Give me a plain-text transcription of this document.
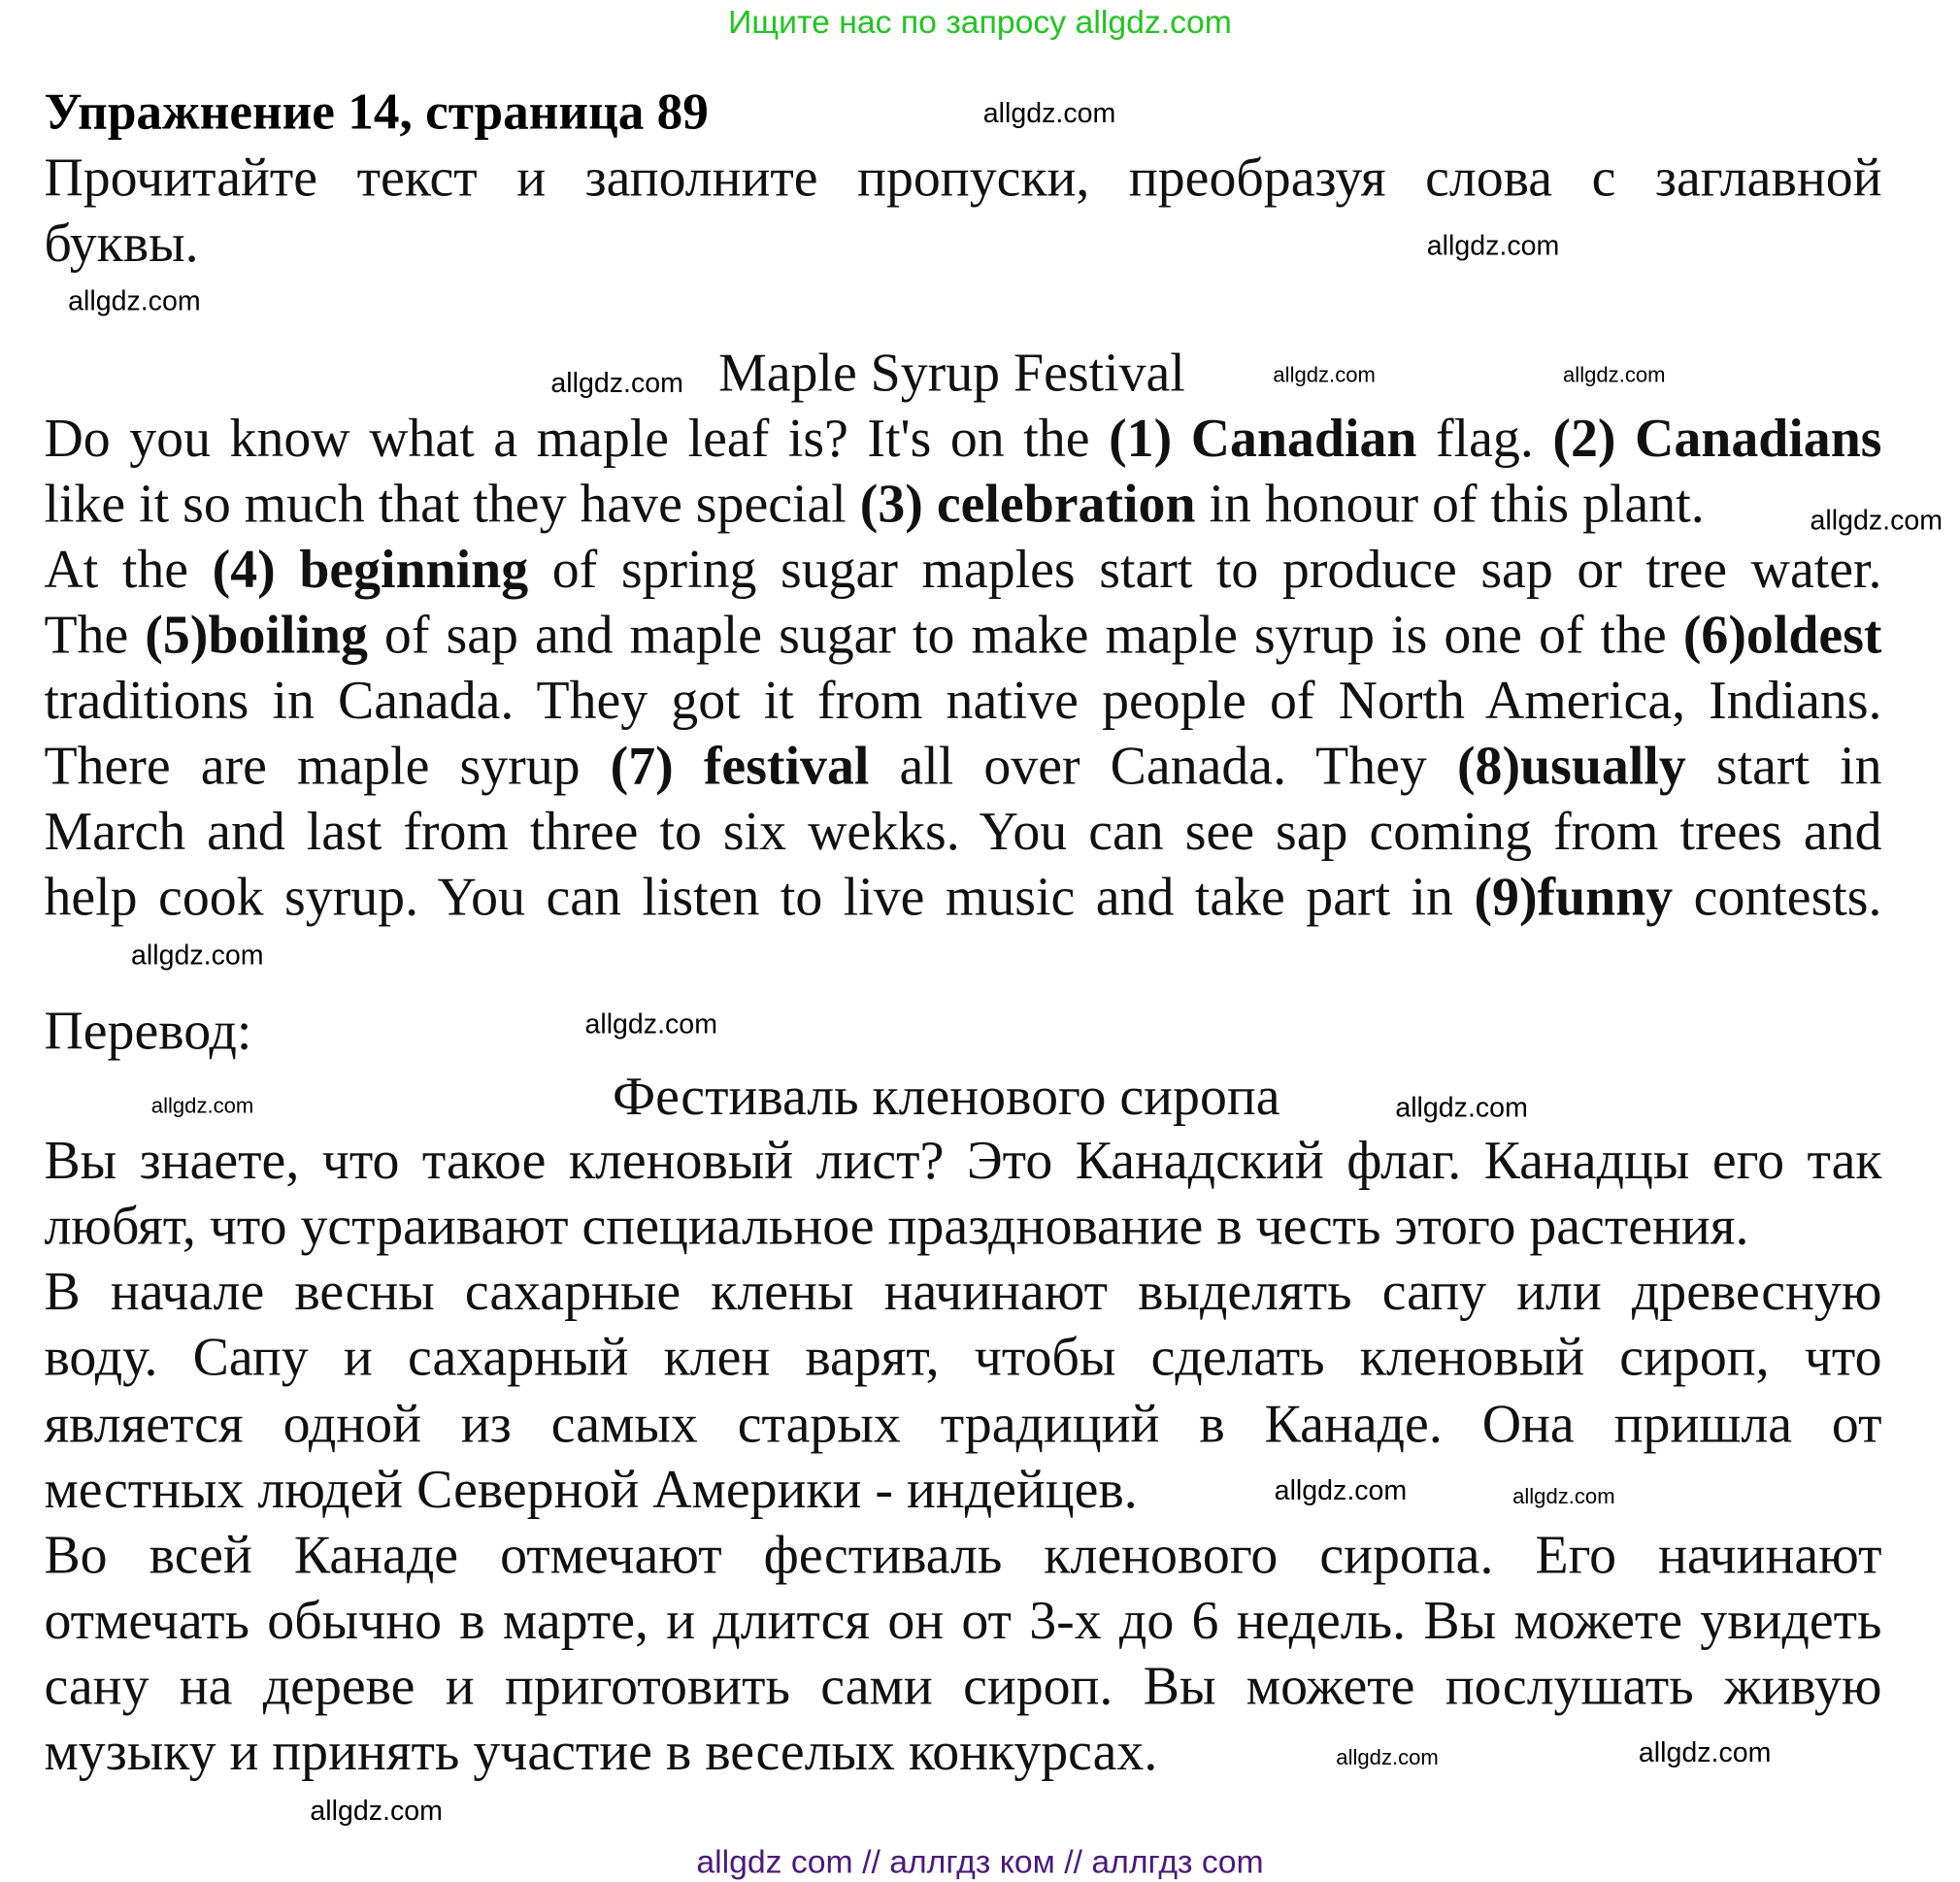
Ищите нас по запросу allgdz.com
Упражнение 14, страница 89
Прочитайте текст и заполните пропуски, преобразуя слова с заглавной
буквы.
Maple Syrup Festival
Do you know what a maple leaf is? It's on the (1) Canadian flag. (2) Canadians
like it so much that they have special (3) celebration in honour of this plant.
At the (4) beginning of spring sugar maples start to produce sap or tree water.
The (5)boiling of sap and maple sugar to make maple syrup is one of the (6)oldest
traditions in Canada. They got it from native people of North America, Indians.
There are maple syrup (7) festival all over Canada. They (8)usually start in
March and last from three to six wekks. You can see sap coming from trees and
help cook syrup. You can listen to live music and take part in (9)funny contests.
Перевод:
Фестиваль кленового сиропа
Вы знаете, что такое кленовый лист? Это Канадский флаг. Канадцы его так
любят, что устраивают специальное празднование в честь этого растения.
В начале весны сахарные клены начинают выделять сапу или древесную
воду. Сапу и сахарный клен варят, чтобы сделать кленовый сироп, что
является одной из самых старых традиций в Канаде. Она пришла от
местных людей Северной Америки - индейцев.
Во всей Канаде отмечают фестиваль кленового сиропа. Его начинают
отмечать обычно в марте, и длится он от 3-х до 6 недель. Вы можете увидеть
сану на дереве и приготовить сами сироп. Вы можете послушать живую
музыку и принять участие в веселых конкурсах.
allgdz.com
allgdz.com
allgdz.com
allgdz.com
allgdz.com
allgdz.com	allgdz.com
allgdz.com
allgdz.com
allgdz.com
allgdz.com
allgdz.com
allgdz.com
allgdz.com	allgdz.com
allgdz.com
allgdz com // аллгдз ком // аллгдз com
